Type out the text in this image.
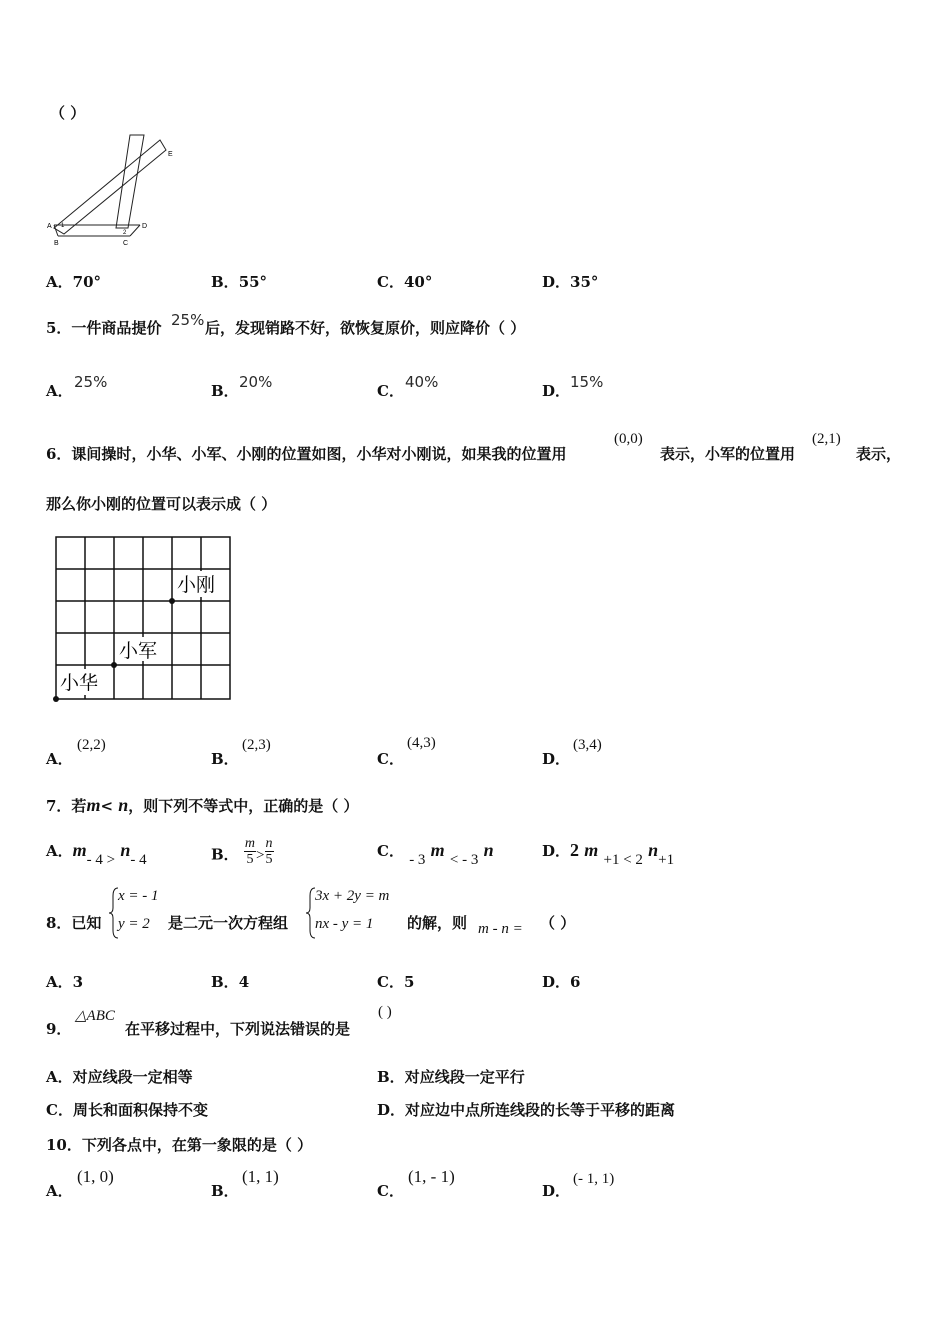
（ ）
A
B	C
D
E
1
2
A．70°	B．55°	C．40°	D．35°
5．一件商品提价 25% 后，发现销路不好，欲恢复原价，则应降价（ ）
A． 25%	B． 20%	C． 40%	D． 15%
6．课间操时，小华、小军、小刚的位置如图，小华对小刚说，如果我的位置用
(0,0)
表示，小军的位置用
(2,1)
表示，
那么你小刚的位置可以表示成（ ）
小刚
小军
小华
A．
(2,2)
B．
(2,3)
C．
(4,3)
D．
(3,4)
7．若m< n，则下列不等式中，正确的是（ ）
A．m- 4 > n- 4	B． $\frac{m}{5} > \frac{n}{5}$	C． - 3 m < - 3 n	D．2 m +1 < 2 n+1
8．已知
x = - 1
y = 2 是二元一次方程组
3x + 2y = m
nx - y = 1 的解，则 m - n = （ ）
A．3	B．4	C．5	D．6
9．
△ABC
在平移过程中，下列说法错误的是
( )
A．对应线段一定相等	B．对应线段一定平行
C．周长和面积保持不变	D．对应边中点所连线段的长等于平移的距离
10．下列各点中，在第一象限的是（ ）
A．
(1, 0)
B．
(1, 1)
C．
(1, - 1)
D．
(- 1, 1)
